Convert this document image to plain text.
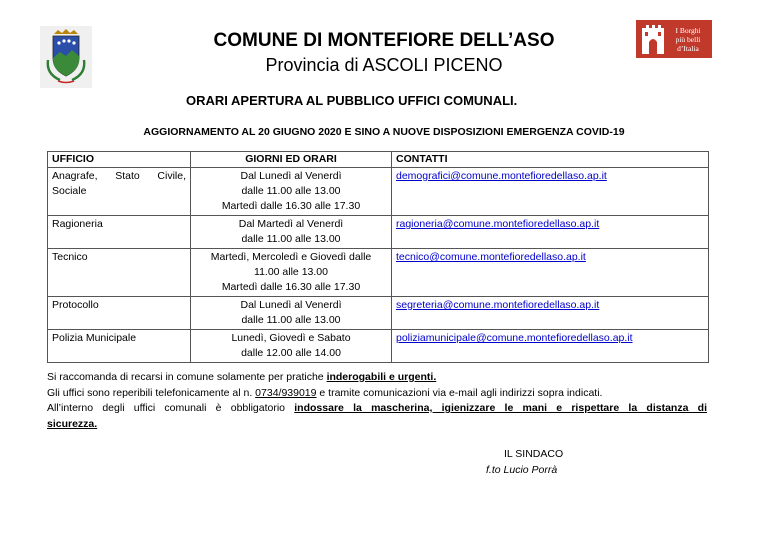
I Borghi
più belli
d’Italia
COMUNE DI MONTEFIORE DELL’ASO
Provincia di ASCOLI PICENO
ORARI APERTURA AL PUBBLICO UFFICI COMUNALI.
AGGIORNAMENTO AL 20 GIUGNO 2020 E SINO A NUOVE DISPOSIZIONI EMERGENZA COVID-19
UFFICIO	GIORNI ED ORARI	CONTATTI
Anagrafe, Stato Civile, Sociale	Dal Lunedì al Venerdì
dalle 11.00 alle 13.00
Martedì dalle 16.30 alle 17.30	demografici@comune.montefioredellaso.ap.it
Ragioneria	Dal Martedì al Venerdì
dalle 11.00 alle 13.00	ragioneria@comune.montefioredellaso.ap.it
Tecnico	Martedì, Mercoledì e Giovedì dalle
11.00 alle 13.00
Martedì dalle 16.30 alle 17.30	tecnico@comune.montefioredellaso.ap.it
Protocollo	Dal Lunedì al Venerdì
dalle 11.00 alle 13.00	segreteria@comune.montefioredellaso.ap.it
Polizia Municipale	Lunedì, Giovedì e Sabato
dalle 12.00 alle 14.00	poliziamunicipale@comune.montefioredellaso.ap.it

Si raccomanda di recarsi in comune solamente per pratiche inderogabili e urgenti.

Gli uffici sono reperibili telefonicamente al n. 0734/939019 e tramite comunicazioni via e-mail agli indirizzi sopra indicati.

All’interno degli uffici comunali è obbligatorio indossare la mascherina, igienizzare le mani e rispettare la distanza di

sicurezza.

IL SINDACO
f.to Lucio Porrà
